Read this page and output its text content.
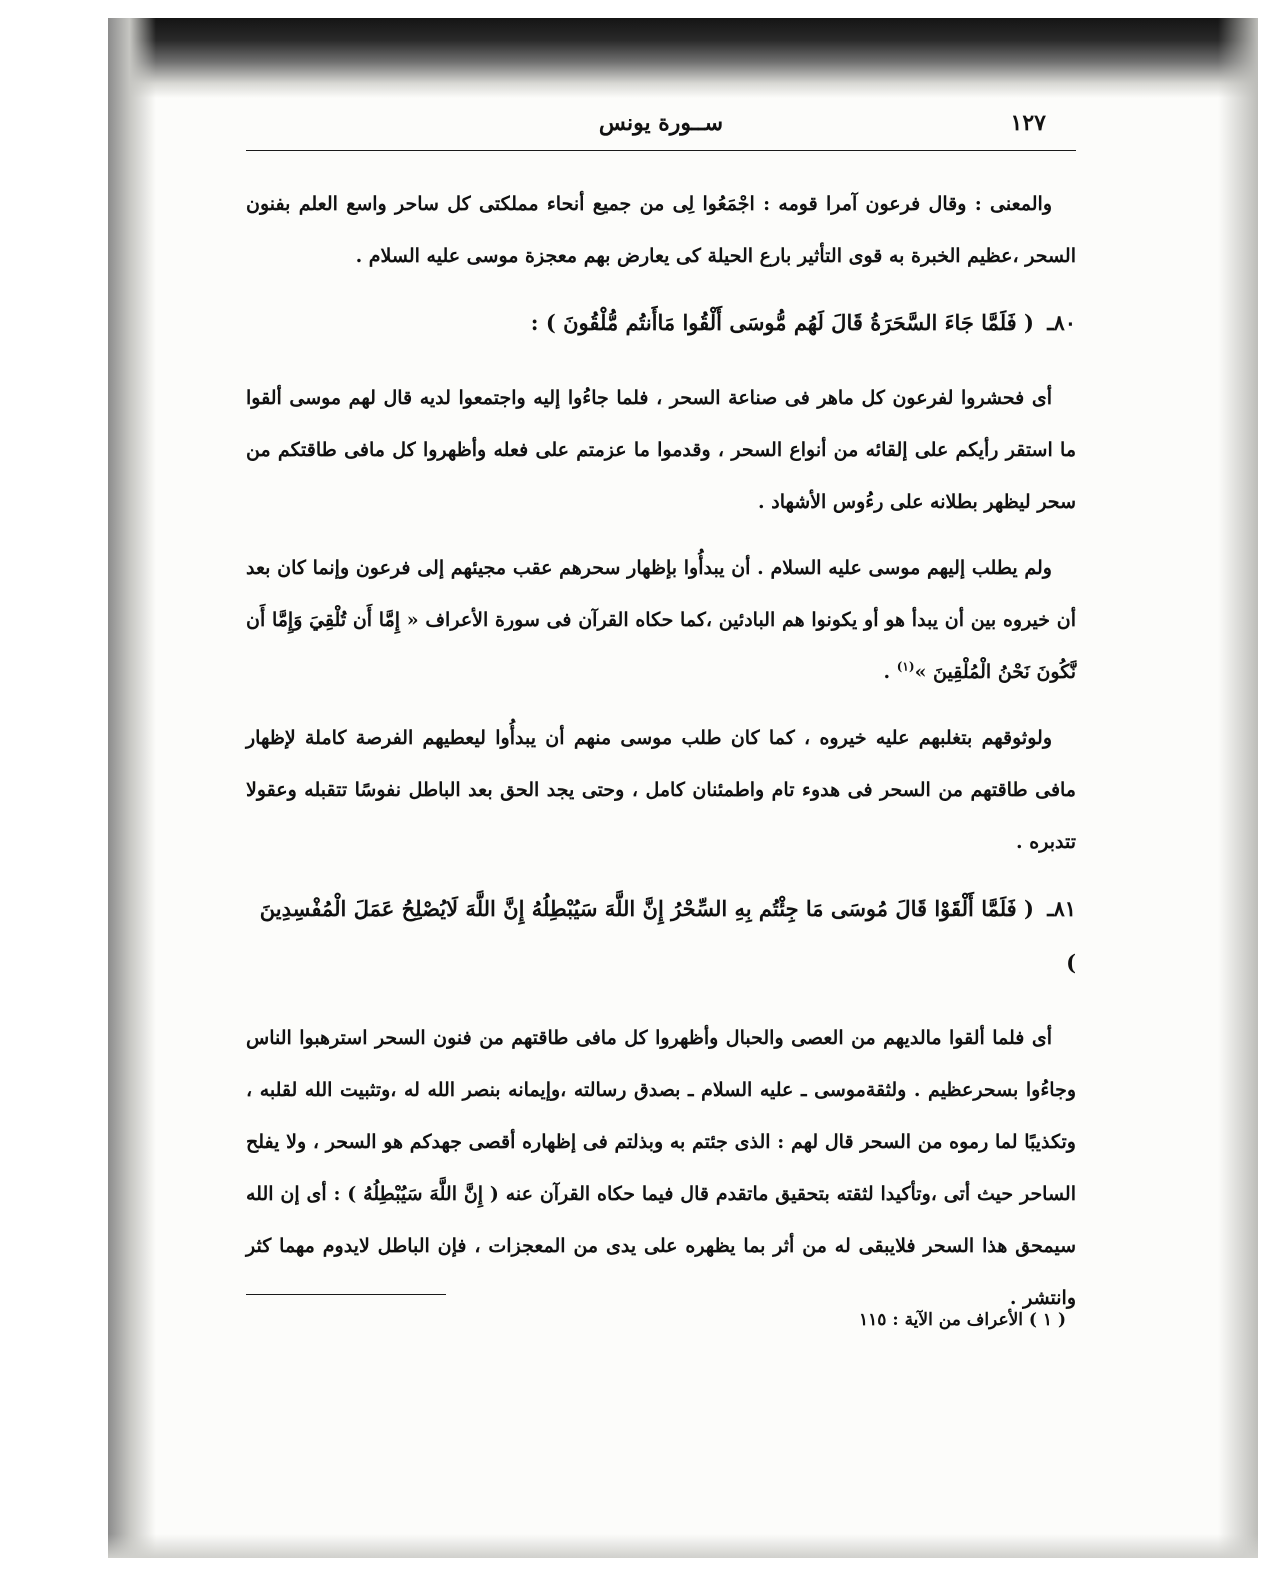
١٢٧
ســورة يونس

والمعنى : وقال فرعون آمرا قومه : اجْمَعُوا لِى من جميع أنحاء مملكتى كل ساحر واسع العلم بفنون السحر ،عظيم الخبرة به قوى التأثير بارع الحيلة كى يعارض بهم معجزة موسى عليه السلام .

٨٠ـ ( فَلَمَّا جَاءَ السَّحَرَةُ قَالَ لَهُم مُّوسَى أَلْقُوا مَاأَنتُم مُّلْقُونَ ) :

أى فحشروا لفرعون كل ماهر فى صناعة السحر ، فلما جاءُوا إليه واجتمعوا لديه قال لهم موسى ألقوا ما استقر رأيكم على إلقائه من أنواع السحر ، وقدموا ما عزمتم على فعله وأظهروا كل مافى طاقتكم من سحر ليظهر بطلانه على رءُوس الأشهاد .

ولم يطلب إليهم موسى عليه السلام . أن يبدأُوا بإظهار سحرهم عقب مجيئهم إلى فرعون وإنما كان بعد أن خيروه بين أن يبدأ هو أو يكونوا هم البادئين ،كما حكاه القرآن فى سورة الأعراف « إِمَّا أَن تُلْقِيَ وَإِمَّا أَن نَّكُونَ نَحْنُ الْمُلْقِينَ »$^{(١)}$ .

ولوثوقهم بتغلبهم عليه خيروه ، كما كان طلب موسى منهم أن يبدأُوا ليعطيهم الفرصة كاملة لإظهار مافى طاقتهم من السحر فى هدوء تام واطمئنان كامل ، وحتى يجد الحق بعد الباطل نفوسًا تتقبله وعقولا تتدبره .

٨١ـ ( فَلَمَّا أَلْقَوْا قَالَ مُوسَى مَا جِئْتُم بِهِ السِّحْرُ إِنَّ اللَّهَ سَيُبْطِلُهُ إِنَّ اللَّهَ لَايُصْلِحُ عَمَلَ الْمُفْسِدِينَ )

أى فلما ألقوا مالديهم من العصى والحبال وأظهروا كل مافى طاقتهم من فنون السحر استرهبوا الناس وجاءُوا بسحرعظيم . ولثقةموسى ـ عليه السلام ـ بصدق رسالته ،وإيمانه بنصر الله له ،وتثبيت الله لقلبه ، وتكذيبًا لما رموه من السحر قال لهم : الذى جئتم به وبذلتم فى إظهاره أقصى جهدكم هو السحر ، ولا يفلح الساحر حيث أتى ،وتأكيدا لثقته بتحقيق ماتقدم قال فيما حكاه القرآن عنه ( إِنَّ اللَّهَ سَيُبْطِلُهُ ) : أى إن الله سيمحق هذا السحر فلايبقى له من أثر بما يظهره على يدى من المعجزات ، فإن الباطل لايدوم مهما كثر وانتشر .

( ١ ) الأعراف من الآية : ١١٥
